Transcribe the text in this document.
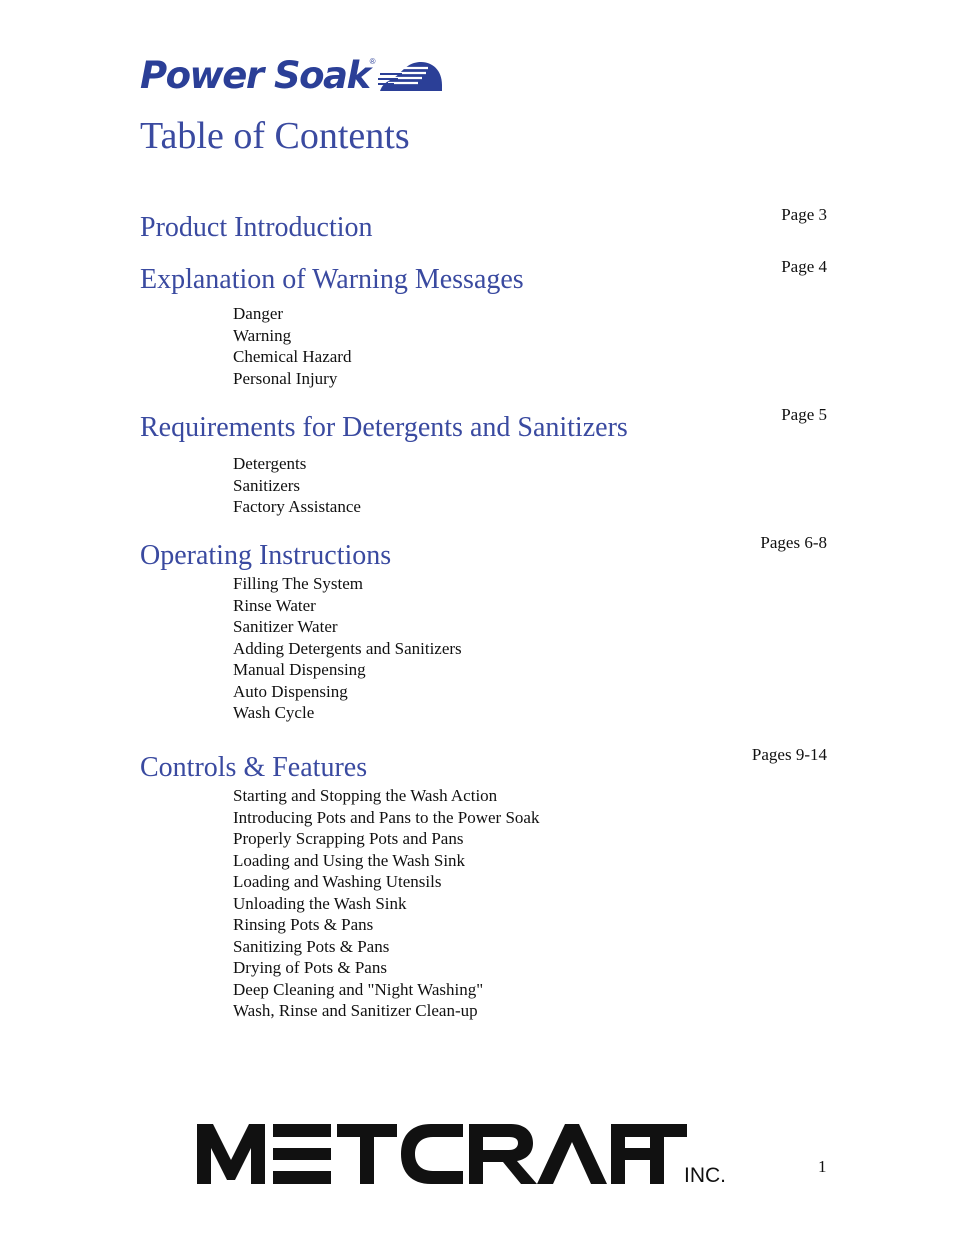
Power Soak ®
Table of Contents
Product Introduction	Page 3
Explanation of Warning Messages	Page 4
Danger
Warning
Chemical Hazard
Personal Injury
Requirements for Detergents and Sanitizers	Page 5
Detergents
Sanitizers
Factory Assistance
Operating Instructions	Pages 6-8
Filling The System
Rinse Water
Sanitizer Water
Adding Detergents and Sanitizers
Manual Dispensing
Auto Dispensing
Wash Cycle
Controls & Features	Pages 9-14
Starting and Stopping the Wash Action
Introducing Pots and Pans to the Power Soak
Properly Scrapping Pots and Pans
Loading and Using the Wash Sink
Loading and Washing Utensils
Unloading the Wash Sink
Rinsing Pots & Pans
Sanitizing Pots & Pans
Drying of Pots & Pans
Deep Cleaning and "Night Washing"
Wash, Rinse and Sanitizer Clean-up
METCRAFT
INC.	1
